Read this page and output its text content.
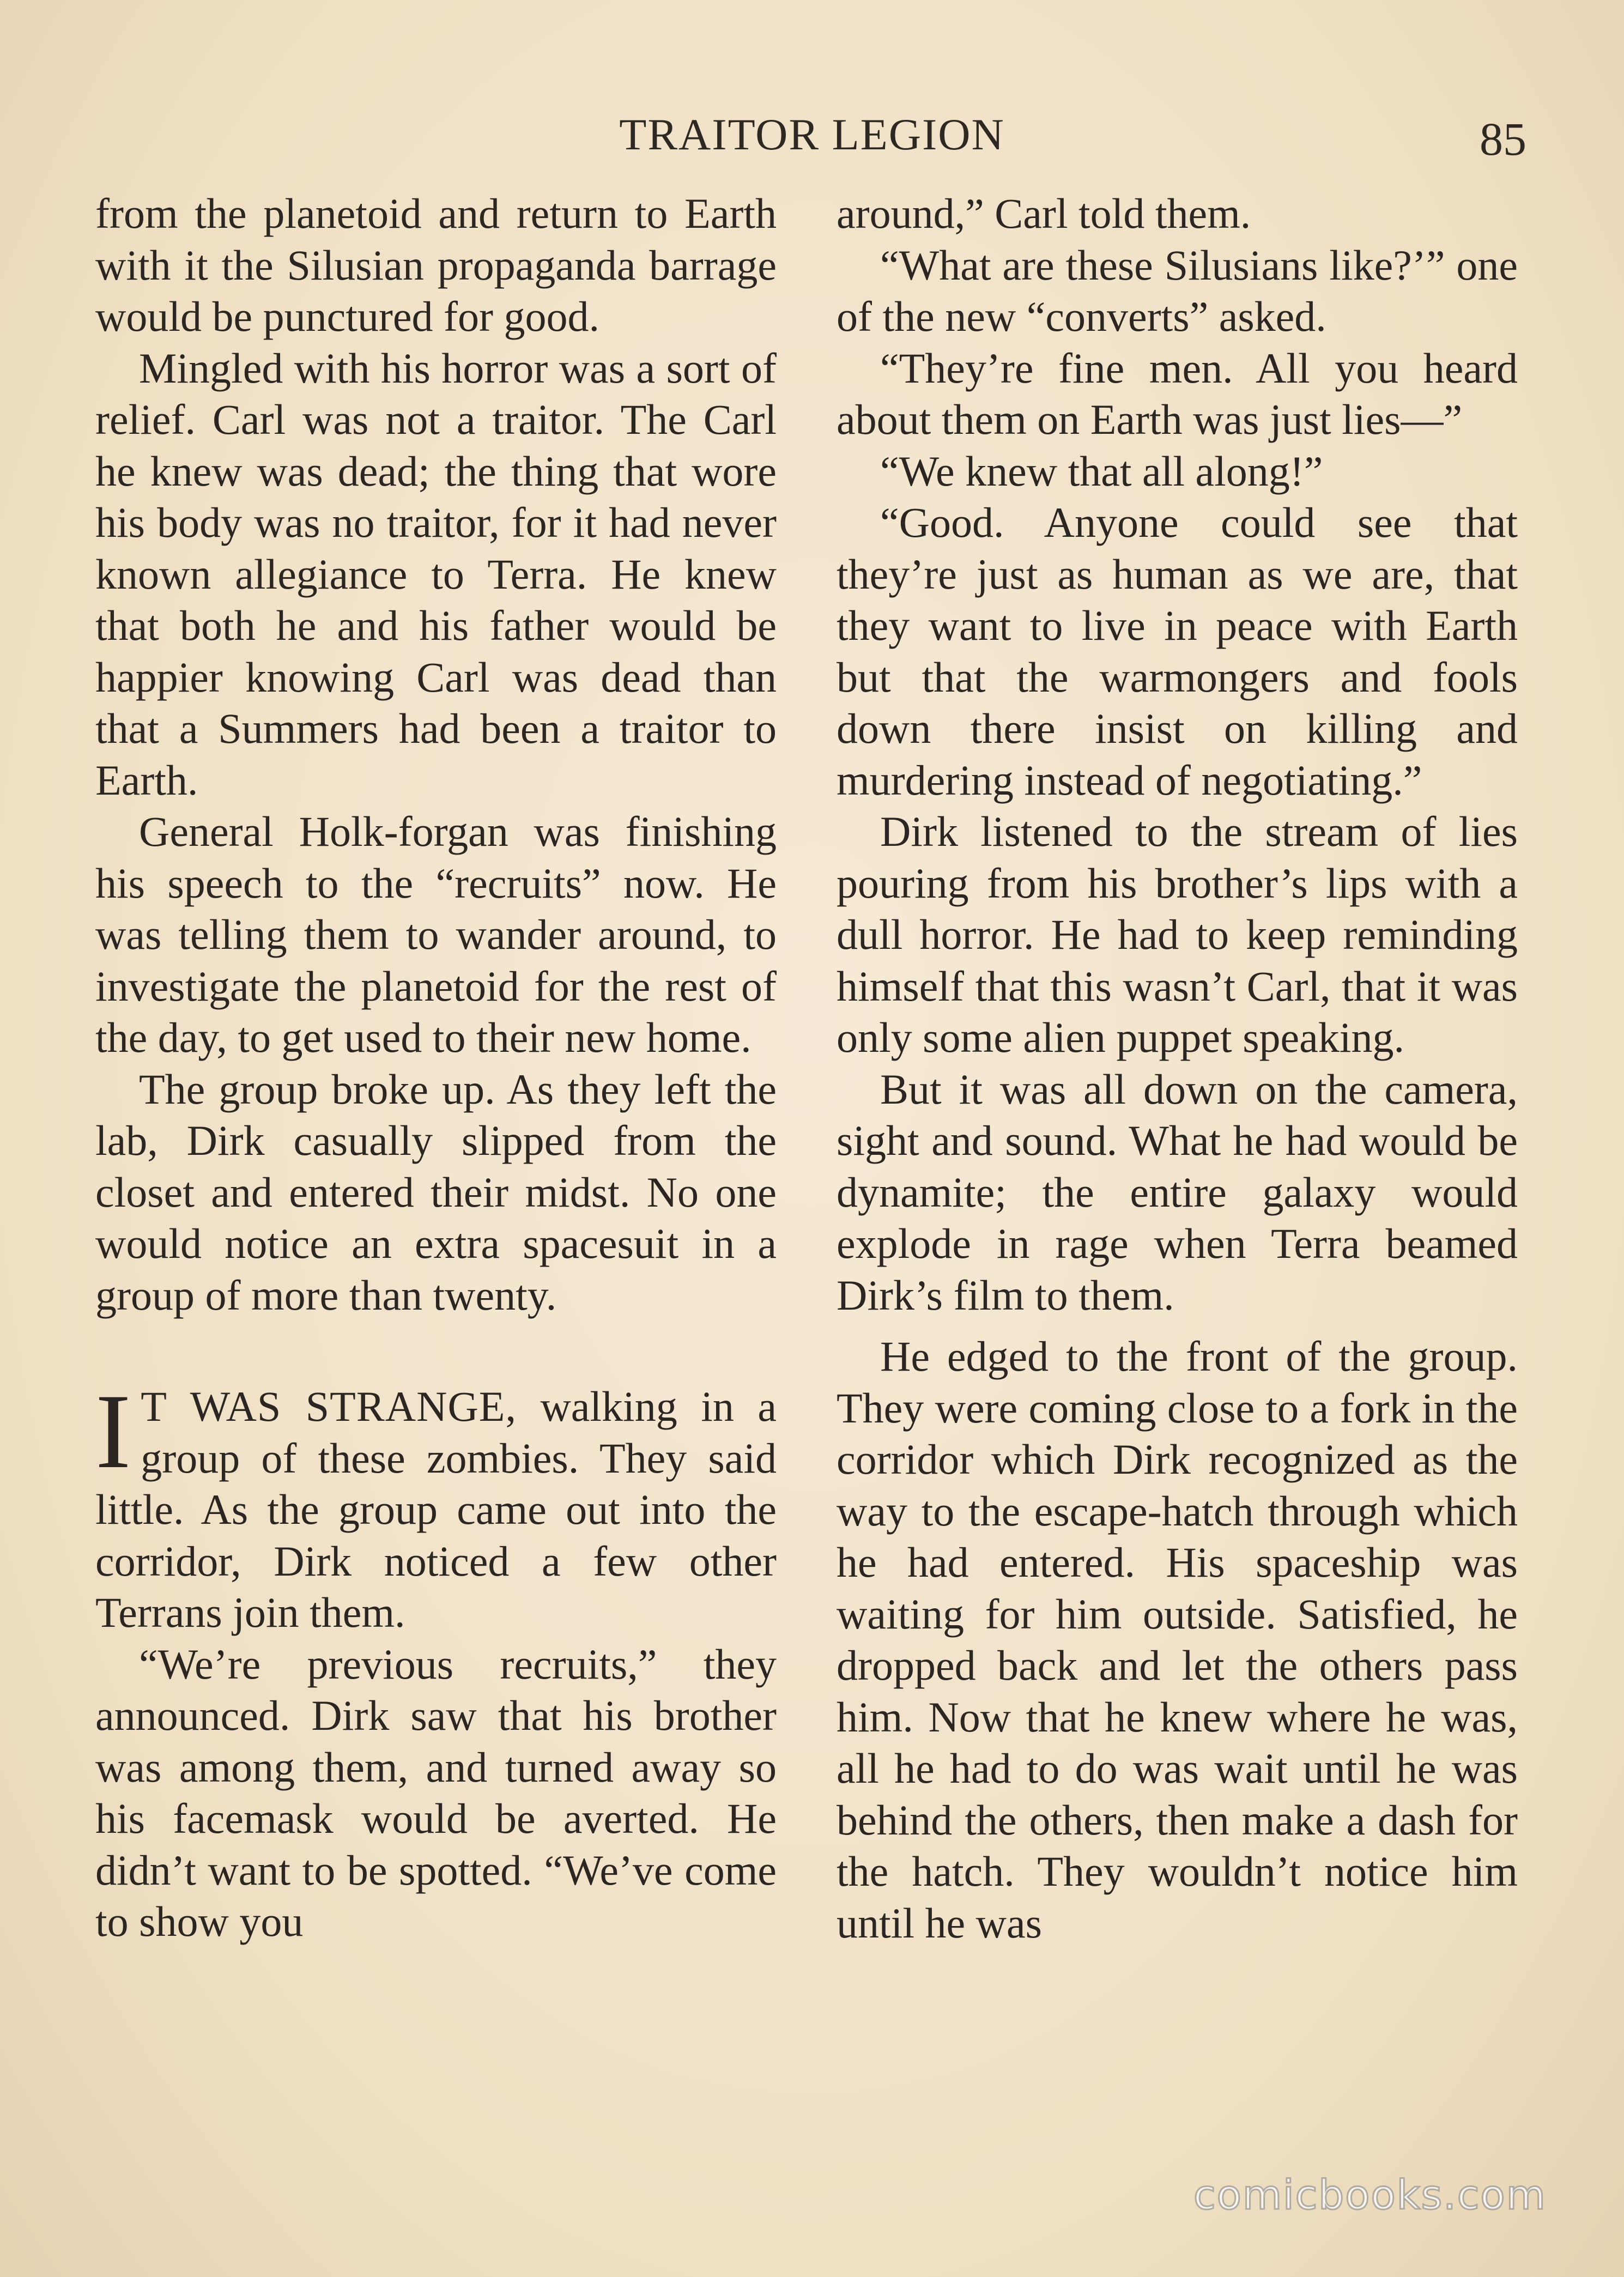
TRAITOR LEGION	85

from the planetoid and return to Earth with it the Silusian propaganda barrage would be punctured for good.

Mingled with his horror was a sort of relief. Carl was not a traitor. The Carl he knew was dead; the thing that wore his body was no traitor, for it had never known allegiance to Terra. He knew that both he and his father would be happier knowing Carl was dead than that a Summers had been a traitor to Earth.

General Holk-forgan was finishing his speech to the “recruits” now. He was telling them to wander around, to investigate the planetoid for the rest of the day, to get used to their new home.

The group broke up. As they left the lab, Dirk casually slipped from the closet and entered their midst. No one would notice an extra spacesuit in a group of more than twenty.

I T WAS STRANGE, walking in a group of these zombies. They said little. As the group came out into the corridor, Dirk noticed a few other Terrans join them.

“We’re previous recruits,” they announced. Dirk saw that his brother was among them, and turned away so his facemask would be averted. He didn’t want to be spotted. “We’ve come to show you

around,” Carl told them.

“What are these Silusians like?’” one of the new “converts” asked.

“They’re fine men. All you heard about them on Earth was just lies—”

“We knew that all along!”

“Good. Anyone could see that they’re just as human as we are, that they want to live in peace with Earth but that the warmongers and fools down there insist on killing and murdering instead of negotiating.”

Dirk listened to the stream of lies pouring from his brother’s lips with a dull horror. He had to keep reminding himself that this wasn’t Carl, that it was only some alien puppet speaking.

But it was all down on the camera, sight and sound. What he had would be dynamite; the entire galaxy would explode in rage when Terra beamed Dirk’s film to them.

He edged to the front of the group. They were coming close to a fork in the corridor which Dirk recognized as the way to the escape-hatch through which he had entered. His spaceship was waiting for him outside. Satisfied, he dropped back and let the others pass him. Now that he knew where he was, all he had to do was wait until he was behind the others, then make a dash for the hatch. They wouldn’t notice him until he was

comicbooks.com
